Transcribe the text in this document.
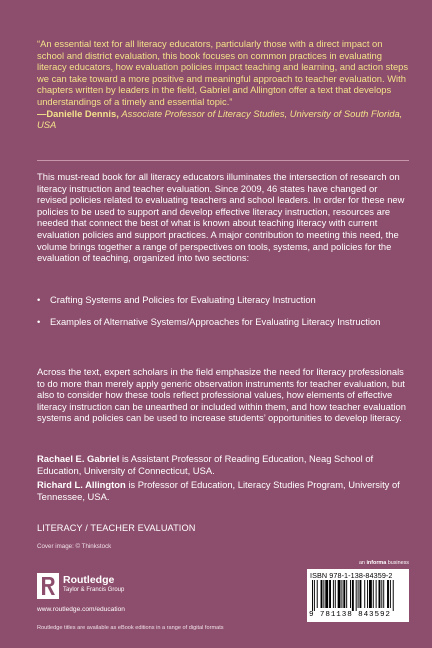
“An essential text for all literacy educators, particularly those with a direct impact on school and district evaluation, this book focuses on common practices in evaluating literacy educators, how evaluation policies impact teaching and learning, and action steps we can take toward a more positive and meaningful approach to teacher evaluation. With chapters written by leaders in the field, Gabriel and Allington offer a text that develops understandings of a timely and essential topic.”
—Danielle Dennis, Associate Professor of Literacy Studies, University of South Florida, USA

This must-read book for all literacy educators illuminates the intersection of research on literacy instruction and teacher evaluation. Since 2009, 46 states have changed or revised policies related to evaluating teachers and school leaders. In order for these new policies to be used to support and develop effective literacy instruction, resources are needed that connect the best of what is known about teaching literacy with current evaluation policies and support practices. A major contribution to meeting this need, the volume brings together a range of perspectives on tools, systems, and policies for the evaluation of teaching, organized into two sections:

• Crafting Systems and Policies for Evaluating Literacy Instruction
• Examples of Alternative Systems/Approaches for Evaluating Literacy Instruction

Across the text, expert scholars in the field emphasize the need for literacy professionals to do more than merely apply generic observation instruments for teacher evaluation, but also to consider how these tools reflect professional values, how elements of effective literacy instruction can be unearthed or included within them, and how teacher evaluation systems and policies can be used to increase students’ opportunities to develop literacy.

Rachael E. Gabriel is Assistant Professor of Reading Education, Neag School of Education, University of Connecticut, USA.

Richard L. Allington is Professor of Education, Literacy Studies Program, University of Tennessee, USA.

LITERACY / TEACHER EVALUATION
Cover image: © Thinkstock
Routledge
Taylor & Francis Group
www.routledge.com/education
Routledge titles are available as eBook editions in a range of digital formats
an informa business
ISBN 978-1-138-84359-2
9 781138 843592
